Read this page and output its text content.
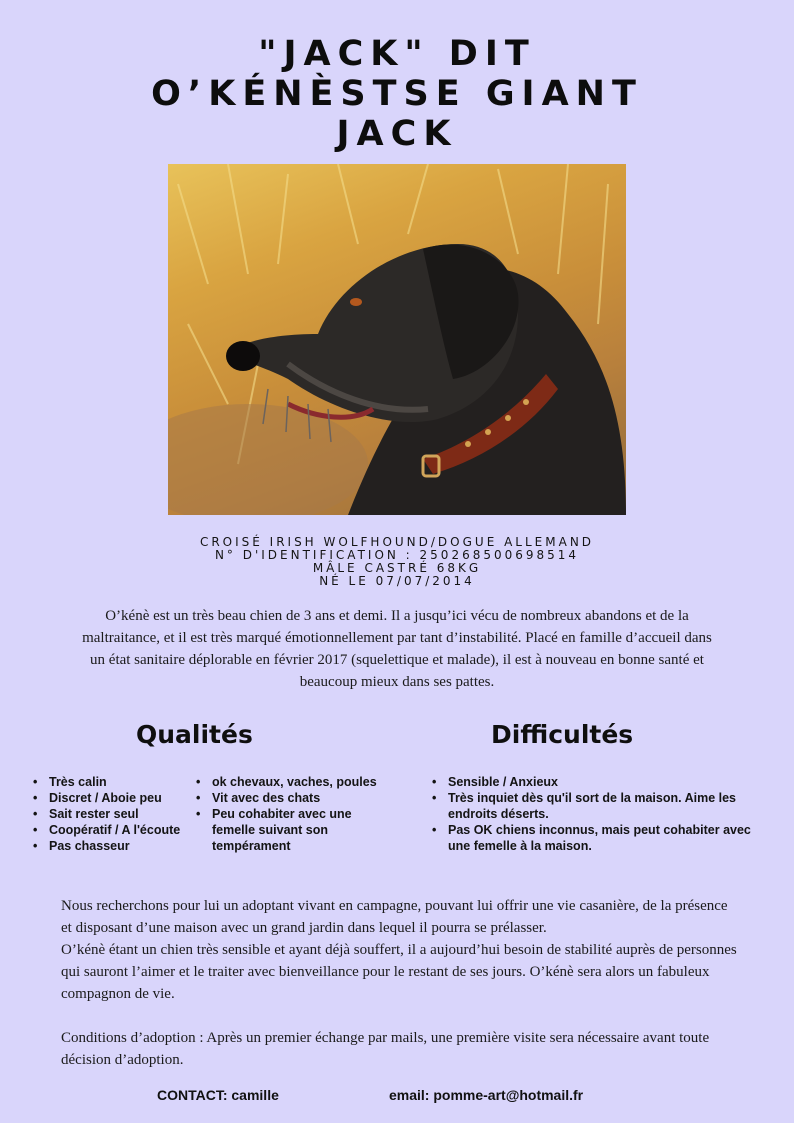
"JACK" DIT
O’KÉNÈSTSE GIANT
JACK
CROISÉ IRISH WOLFHOUND/DOGUE ALLEMAND
N° D'IDENTIFICATION : 250268500698514
MÂLE CASTRÉ 68KG
NÉ LE 07/07/2014
O’kénè est un très beau chien de 3 ans et demi. Il a jusqu’ici vécu de nombreux abandons et de la maltraitance, et il est très marqué émotionnellement par tant d’instabilité. Placé en famille d’accueil dans un état sanitaire déplorable en février 2017 (squelettique et malade), il est à nouveau en bonne santé et beaucoup mieux dans ses pattes.
Qualités	Difficultés
• Très calin
• Discret / Aboie peu
• Sait rester seul
• Coopératif / A l'écoute
• Pas chasseur
• ok chevaux, vaches, poules
• Vit avec des chats
• Peu cohabiter avec une femelle suivant son tempérament
• Sensible / Anxieux
• Très inquiet dès qu'il sort de la maison. Aime les endroits déserts.
• Pas OK chiens inconnus, mais peut cohabiter avec une femelle à la maison.

Nous recherchons pour lui un adoptant vivant en campagne, pouvant lui offrir une vie casanière, de la présence et disposant d’une maison avec un grand jardin dans lequel il pourra se prélasser.

O’kénè étant un chien très sensible et ayant déjà souffert, il a aujourd’hui besoin de stabilité auprès de personnes qui sauront l’aimer et le traiter avec bienveillance pour le restant de ses jours. O’kénè sera alors un fabuleux compagnon de vie.

Conditions d’adoption : Après un premier échange par mails, une première visite sera nécessaire avant toute décision d’adoption.

CONTACT: camille	email: pomme-art@hotmail.fr
